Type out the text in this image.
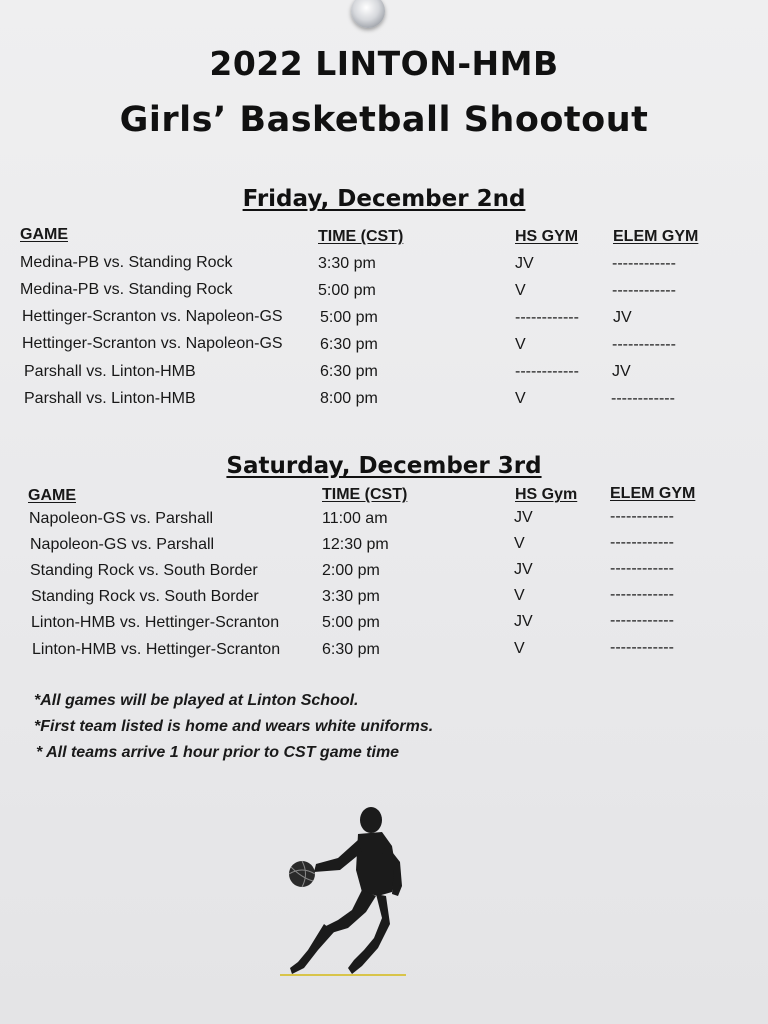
2022 LINTON-HMB
Girls’ Basketball Shootout
Friday, December 2nd
GAME	TIME (CST)	HS GYM ELEM GYM
Medina-PB vs. Standing Rock	3:30 pm	JV	------------
Medina-PB vs. Standing Rock	5:00 pm	V	------------
Hettinger-Scranton vs. Napoleon-GS 5:00 pm	------------ JV
Hettinger-Scranton vs. Napoleon-GS 6:30 pm	V	------------
Parshall vs. Linton-HMB	6:30 pm	------------ JV
Parshall vs. Linton-HMB	8:00 pm	V	------------
Saturday, December 3rd
GAME	TIME (CST)	HS Gym ELEM GYM
Napoleon-GS vs. Parshall	11:00 am	JV	------------
Napoleon-GS vs. Parshall	12:30 pm	V	------------
Standing Rock vs. South Border	2:00 pm	JV	------------
Standing Rock vs. South Border	3:30 pm	V	------------
Linton-HMB vs. Hettinger-Scranton	5:00 pm	JV	------------
Linton-HMB vs. Hettinger-Scranton	6:30 pm	V	------------
*All games will be played at Linton School.
*First team listed is home and wears white uniforms.
* All teams arrive 1 hour prior to CST game time
